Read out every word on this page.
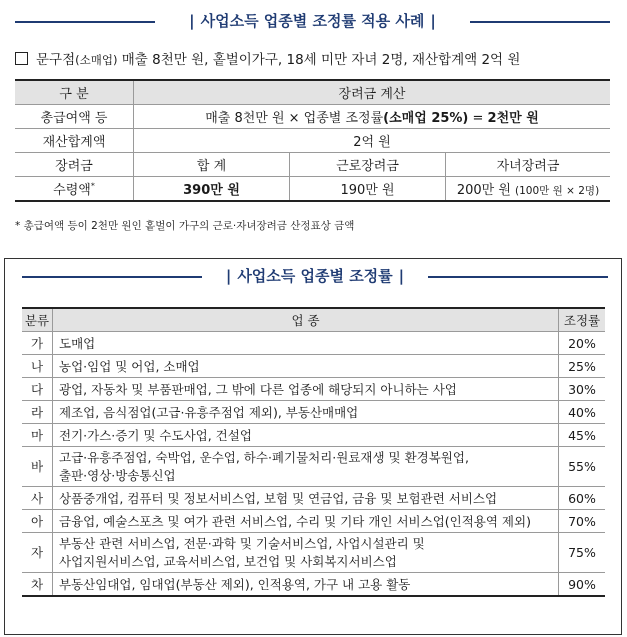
| 사업소득 업종별 조정률 적용 사례 |
문구점(소매업) 매출 8천만 원, 홑벌이가구, 18세 미만 자녀 2명, 재산합계액 2억 원
구 분	장려금 계산		
총급여액 등	매출 8천만 원 × 업종별 조정률(소매업 25%) = 2천만 원		
재산합계액	2억 원		
장려금	합 계	근로장려금	자녀장려금
수령액*	390만 원	190만 원	200만 원 (100만 원 × 2명)
* 총급여액 등이 2천만 원인 홑벌이 가구의 근로·자녀장려금 산정표상 금액
| 사업소득 업종별 조정률 |
분류	업 종	조정률
가	도매업	20%
나	농업·임업 및 어업, 소매업	25%
다	광업, 자동차 및 부품판매업, 그 밖에 다른 업종에 해당되지 아니하는 사업	30%
라	제조업, 음식점업(고급·유흥주점업 제외), 부동산매매업	40%
마	전기·가스·증기 및 수도사업, 건설업	45%
바	고급·유흥주점업, 숙박업, 운수업, 하수·폐기물처리·원료재생 및 환경복원업,
출판·영상·방송통신업	55%
사	상품중개업, 컴퓨터 및 정보서비스업, 보험 및 연금업, 금융 및 보험관련 서비스업	60%
아	금융업, 예술스포츠 및 여가 관련 서비스업, 수리 및 기타 개인 서비스업(인적용역 제외)	70%
자	부동산 관련 서비스업, 전문·과학 및 기술서비스업, 사업시설관리 및
사업지원서비스업, 교육서비스업, 보건업 및 사회복지서비스업	75%
차	부동산임대업, 임대업(부동산 제외), 인적용역, 가구 내 고용 활동	90%
